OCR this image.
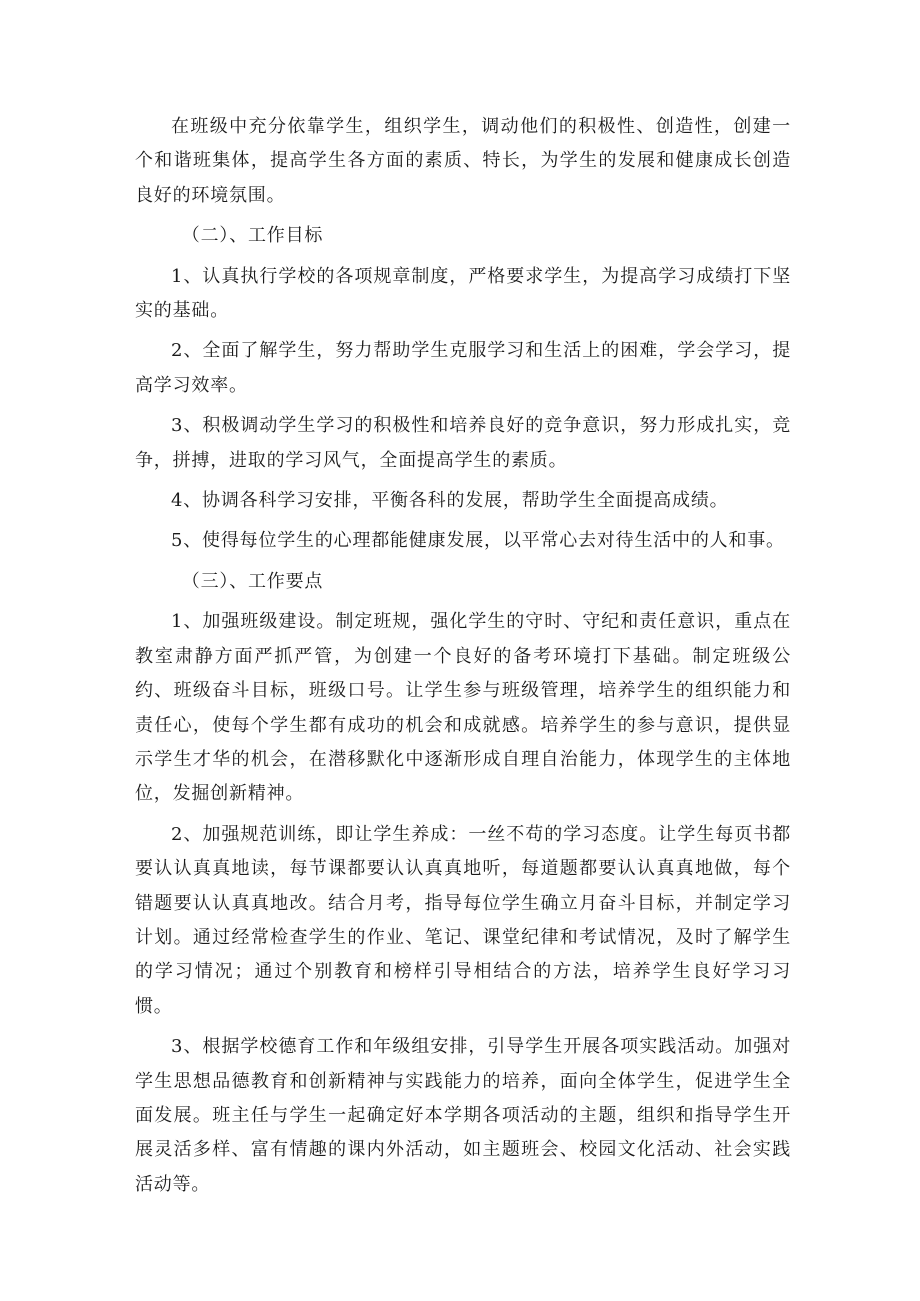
在班级中充分依靠学生，组织学生，调动他们的积极性、创造性，创建一个和谐班集体，提高学生各方面的素质、特长，为学生的发展和健康成长创造良好的环境氛围。

（二）、工作目标

1、认真执行学校的各项规章制度，严格要求学生，为提高学习成绩打下坚实的基础。

2、全面了解学生，努力帮助学生克服学习和生活上的困难，学会学习，提高学习效率。

3、积极调动学生学习的积极性和培养良好的竞争意识，努力形成扎实，竞争，拼搏，进取的学习风气，全面提高学生的素质。

4、协调各科学习安排，平衡各科的发展，帮助学生全面提高成绩。

5、使得每位学生的心理都能健康发展，以平常心去对待生活中的人和事。

（三）、工作要点

1、加强班级建设。制定班规，强化学生的守时、守纪和责任意识，重点在教室肃静方面严抓严管，为创建一个良好的备考环境打下基础。制定班级公约、班级奋斗目标，班级口号。让学生参与班级管理，培养学生的组织能力和责任心，使每个学生都有成功的机会和成就感。培养学生的参与意识，提供显示学生才华的机会，在潜移默化中逐渐形成自理自治能力，体现学生的主体地位，发掘创新精神。

2、加强规范训练，即让学生养成：一丝不苟的学习态度。让学生每页书都要认认真真地读，每节课都要认认真真地听，每道题都要认认真真地做，每个错题要认认真真地改。结合月考，指导每位学生确立月奋斗目标，并制定学习计划。通过经常检查学生的作业、笔记、课堂纪律和考试情况，及时了解学生的学习情况；通过个别教育和榜样引导相结合的方法，培养学生良好学习习惯。

3、根据学校德育工作和年级组安排，引导学生开展各项实践活动。加强对学生思想品德教育和创新精神与实践能力的培养，面向全体学生，促进学生全面发展。班主任与学生一起确定好本学期各项活动的主题，组织和指导学生开展灵活多样、富有情趣的课内外活动，如主题班会、校园文化活动、社会实践活动等。
